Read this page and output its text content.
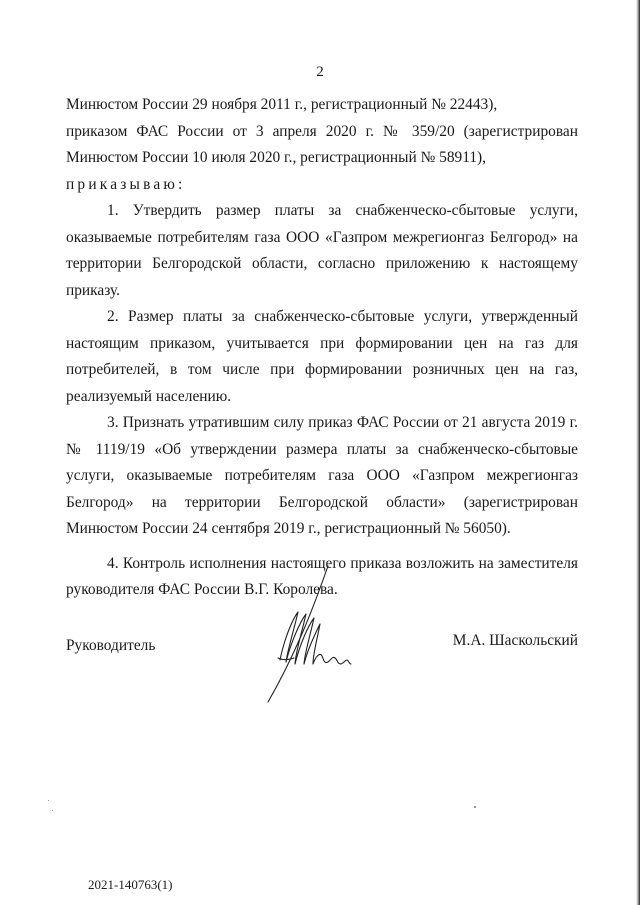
2

Минюстом России 29 ноября 2011 г., регистрационный № 22443),

приказом ФАС России от 3 апреля 2020 г. № 359/20 (зарегистрирован Минюстом России 10 июля 2020 г., регистрационный № 58911),

приказываю:

1. Утвердить размер платы за снабженческо-сбытовые услуги, оказываемые потребителям газа ООО «Газпром межрегионгаз Белгород» на территории Белгородской области, согласно приложению к настоящему приказу.

2. Размер платы за снабженческо-сбытовые услуги, утвержденный настоящим приказом, учитывается при формировании цен на газ для потребителей, в том числе при формировании розничных цен на газ, реализуемый населению.

3. Признать утратившим силу приказ ФАС России от 21 августа 2019 г. № 1119/19 «Об утверждении размера платы за снабженческо-сбытовые услуги, оказываемые потребителям газа ООО «Газпром межрегионгаз Белгород» на территории Белгородской области» (зарегистрирован Минюстом России 24 сентября 2019 г., регистрационный № 56050).

4. Контроль исполнения настоящего приказа возложить на заместителя руководителя ФАС России В.Г. Королева.

Руководитель	М.А. Шаскольский
2021-140763(1)
